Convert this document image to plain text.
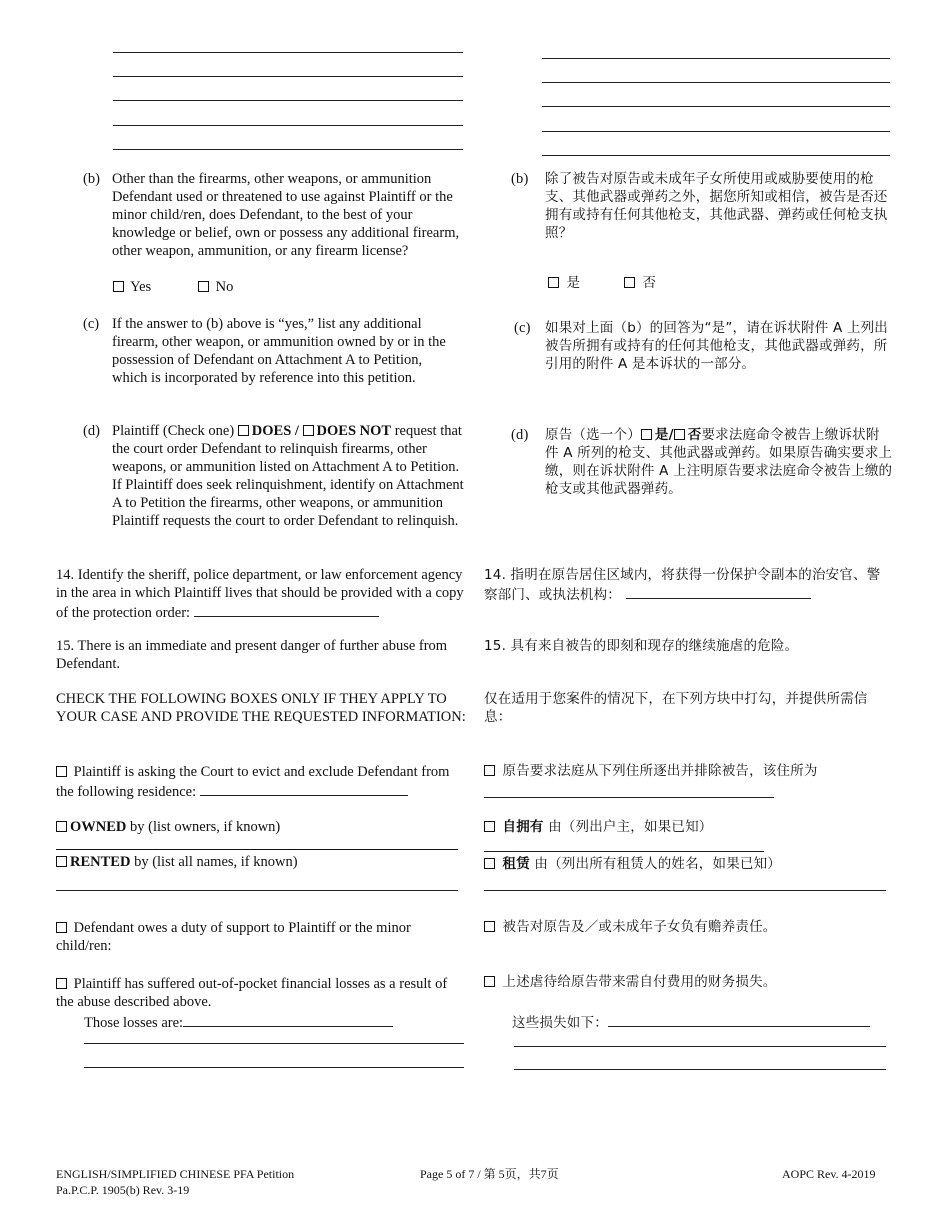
(b) Other than the firearms, other weapons, or ammunition Defendant used or threatened to use against Plaintiff or the minor child/ren, does Defendant, to the best of your knowledge or belief, own or possess any additional firearm, other weapon, ammunition, or any firearm license?
Yes	No
(b) 除了被告对原告或未成年子女所使用或威胁要使用的枪支、其他武器或弹药之外，据您所知或相信，被告是否还拥有或持有任何其他枪支，其他武器、弹药或任何枪支执照？
是	否
(c) If the answer to (b) above is “yes,” list any additional firearm, other weapon, or ammunition owned by or in the possession of Defendant on Attachment A to Petition, which is incorporated by reference into this petition.
(c) 如果对上面（b）的回答为“是”，请在诉状附件 A 上列出被告所拥有或持有的任何其他枪支，其他武器或弹药，所引用的附件 A 是本诉状的一部分。
(d) Plaintiff (Check one) DOES / DOES NOT request that the court order Defendant to relinquish firearms, other weapons, or ammunition listed on Attachment A to Petition. If Plaintiff does seek relinquishment, identify on Attachment A to Petition the firearms, other weapons, or ammunition Plaintiff requests the court to order Defendant to relinquish.
(d) 原告（选一个） 是/ 否要求法庭命令被告上缴诉状附件 A 所列的枪支、其他武器或弹药。如果原告确实要求上缴，则在诉状附件 A 上注明原告要求法庭命令被告上缴的枪支或其他武器弹药。
14. Identify the sheriff, police department, or law enforcement agency in the area in which Plaintiff lives that should be provided with a copy of the protection order:
14. 指明在原告居住区域内，将获得一份保护令副本的治安官、警察部门、或执法机构：
15. There is an immediate and present danger of further abuse from Defendant.
15. 具有来自被告的即刻和现存的继续施虐的危险。
CHECK THE FOLLOWING BOXES ONLY IF THEY APPLY TO YOUR CASE AND PROVIDE THE REQUESTED INFORMATION:
仅在适用于您案件的情况下，在下列方块中打勾，并提供所需信息：
Plaintiff is asking the Court to evict and exclude Defendant from the following residence:
原告要求法庭从下列住所逐出并排除被告，该住所为
OWNED by (list owners, if known)	自拥有 由（列出户主，如果已知）
RENTED by (list all names, if known)	租赁 由（列出所有租赁人的姓名，如果已知）
Defendant owes a duty of support to Plaintiff or the minor child/ren:
被告对原告及／或未成年子女负有赡养责任。
Plaintiff has suffered out-of-pocket financial losses as a result of the abuse described above.
Those losses are:
上述虐待给原告带来需自付费用的财务损失。
这些损失如下：
ENGLISH/SIMPLIFIED CHINESE PFA Petition
Pa.P.C.P. 1905(b) Rev. 3-19
Page 5 of 7 / 第 5页，共7页	AOPC Rev. 4-2019
